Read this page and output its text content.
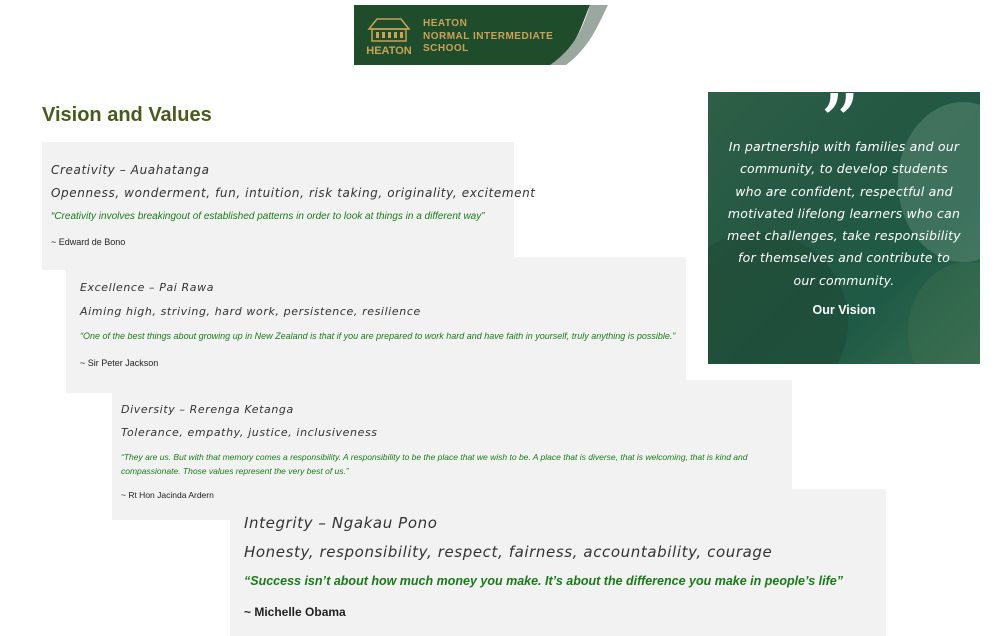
HEATON
HEATON
NORMAL INTERMEDIATE
SCHOOL
Vision and Values
Creativity – Auahatanga
Openness, wonderment, fun, intuition, risk taking, originality, excitement
“Creativity involves breakingout of established patterns in order to look at things in a different way”
~ Edward de Bono
Excellence – Pai Rawa
Aiming high, striving, hard work, persistence, resilience
“One of the best things about growing up in New Zealand is that if you are prepared to work hard and have faith in yourself, truly anything is possible.”
~ Sir Peter Jackson
Diversity – Rerenga Ketanga
Tolerance, empathy, justice, inclusiveness
“They are us. But with that memory comes a responsibility. A responsibility to be the place that we wish to be. A place that is diverse, that is welcoming, that is kind and compassionate. Those values represent the very best of us.”
~ Rt Hon Jacinda Ardern
Integrity – Ngakau Pono
Honesty, responsibility, respect, fairness, accountability, courage
“Success isn’t about how much money you make. It’s about the difference you make in people’s life”
~ Michelle Obama
”
In partnership with families and our community, to develop students who are confident, respectful and motivated lifelong learners who can meet challenges, take responsibility for themselves and contribute to our community.
Our Vision
